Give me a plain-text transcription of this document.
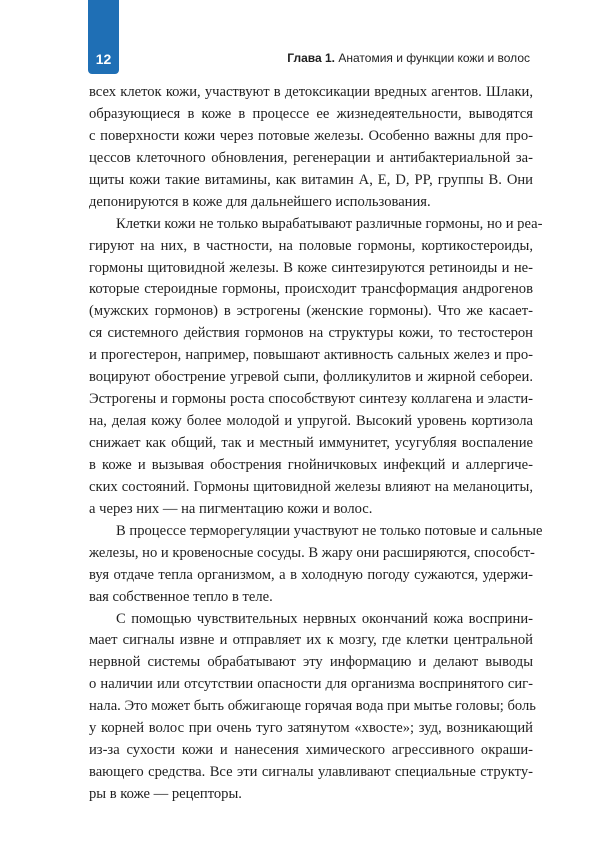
12	Глава 1. Анатомия и функции кожи и волос
всех клеток кожи, участвуют в детоксикации вредных агентов. Шлаки,
образующиеся в коже в процессе ее жизнедеятельности, выводятся
с поверхности кожи через потовые железы. Особенно важны для про-
цессов клеточного обновления, регенерации и антибактериальной за-
щиты кожи такие витамины, как витамин А, Е, D, PP, группы В. Они
депонируются в коже для дальнейшего использования.
Клетки кожи не только вырабатывают различные гормоны, но и реа-
гируют на них, в частности, на половые гормоны, кортикостероиды,
гормоны щитовидной железы. В коже синтезируются ретиноиды и не-
которые стероидные гормоны, происходит трансформация андрогенов
(мужских гормонов) в эстрогены (женские гормоны). Что же касает-
ся системного действия гормонов на структуры кожи, то тестостерон
и прогестерон, например, повышают активность сальных желез и про-
воцируют обострение угревой сыпи, фолликулитов и жирной себореи.
Эстрогены и гормоны роста способствуют синтезу коллагена и эласти-
на, делая кожу более молодой и упругой. Высокий уровень кортизола
снижает как общий, так и местный иммунитет, усугубляя воспаление
в коже и вызывая обострения гнойничковых инфекций и аллергиче-
ских состояний. Гормоны щитовидной железы влияют на меланоциты,
а через них — на пигментацию кожи и волос.
В процессе терморегуляции участвуют не только потовые и сальные
железы, но и кровеносные сосуды. В жару они расширяются, способст-
вуя отдаче тепла организмом, а в холодную погоду сужаются, удержи-
вая собственное тепло в теле.
С помощью чувствительных нервных окончаний кожа восприни-
мает сигналы извне и отправляет их к мозгу, где клетки центральной
нервной системы обрабатывают эту информацию и делают выводы
о наличии или отсутствии опасности для организма воспринятого сиг-
нала. Это может быть обжигающе горячая вода при мытье головы; боль
у корней волос при очень туго затянутом «хвосте»; зуд, возникающий
из-за сухости кожи и нанесения химического агрессивного окраши-
вающего средства. Все эти сигналы улавливают специальные структу-
ры в коже — рецепторы.
